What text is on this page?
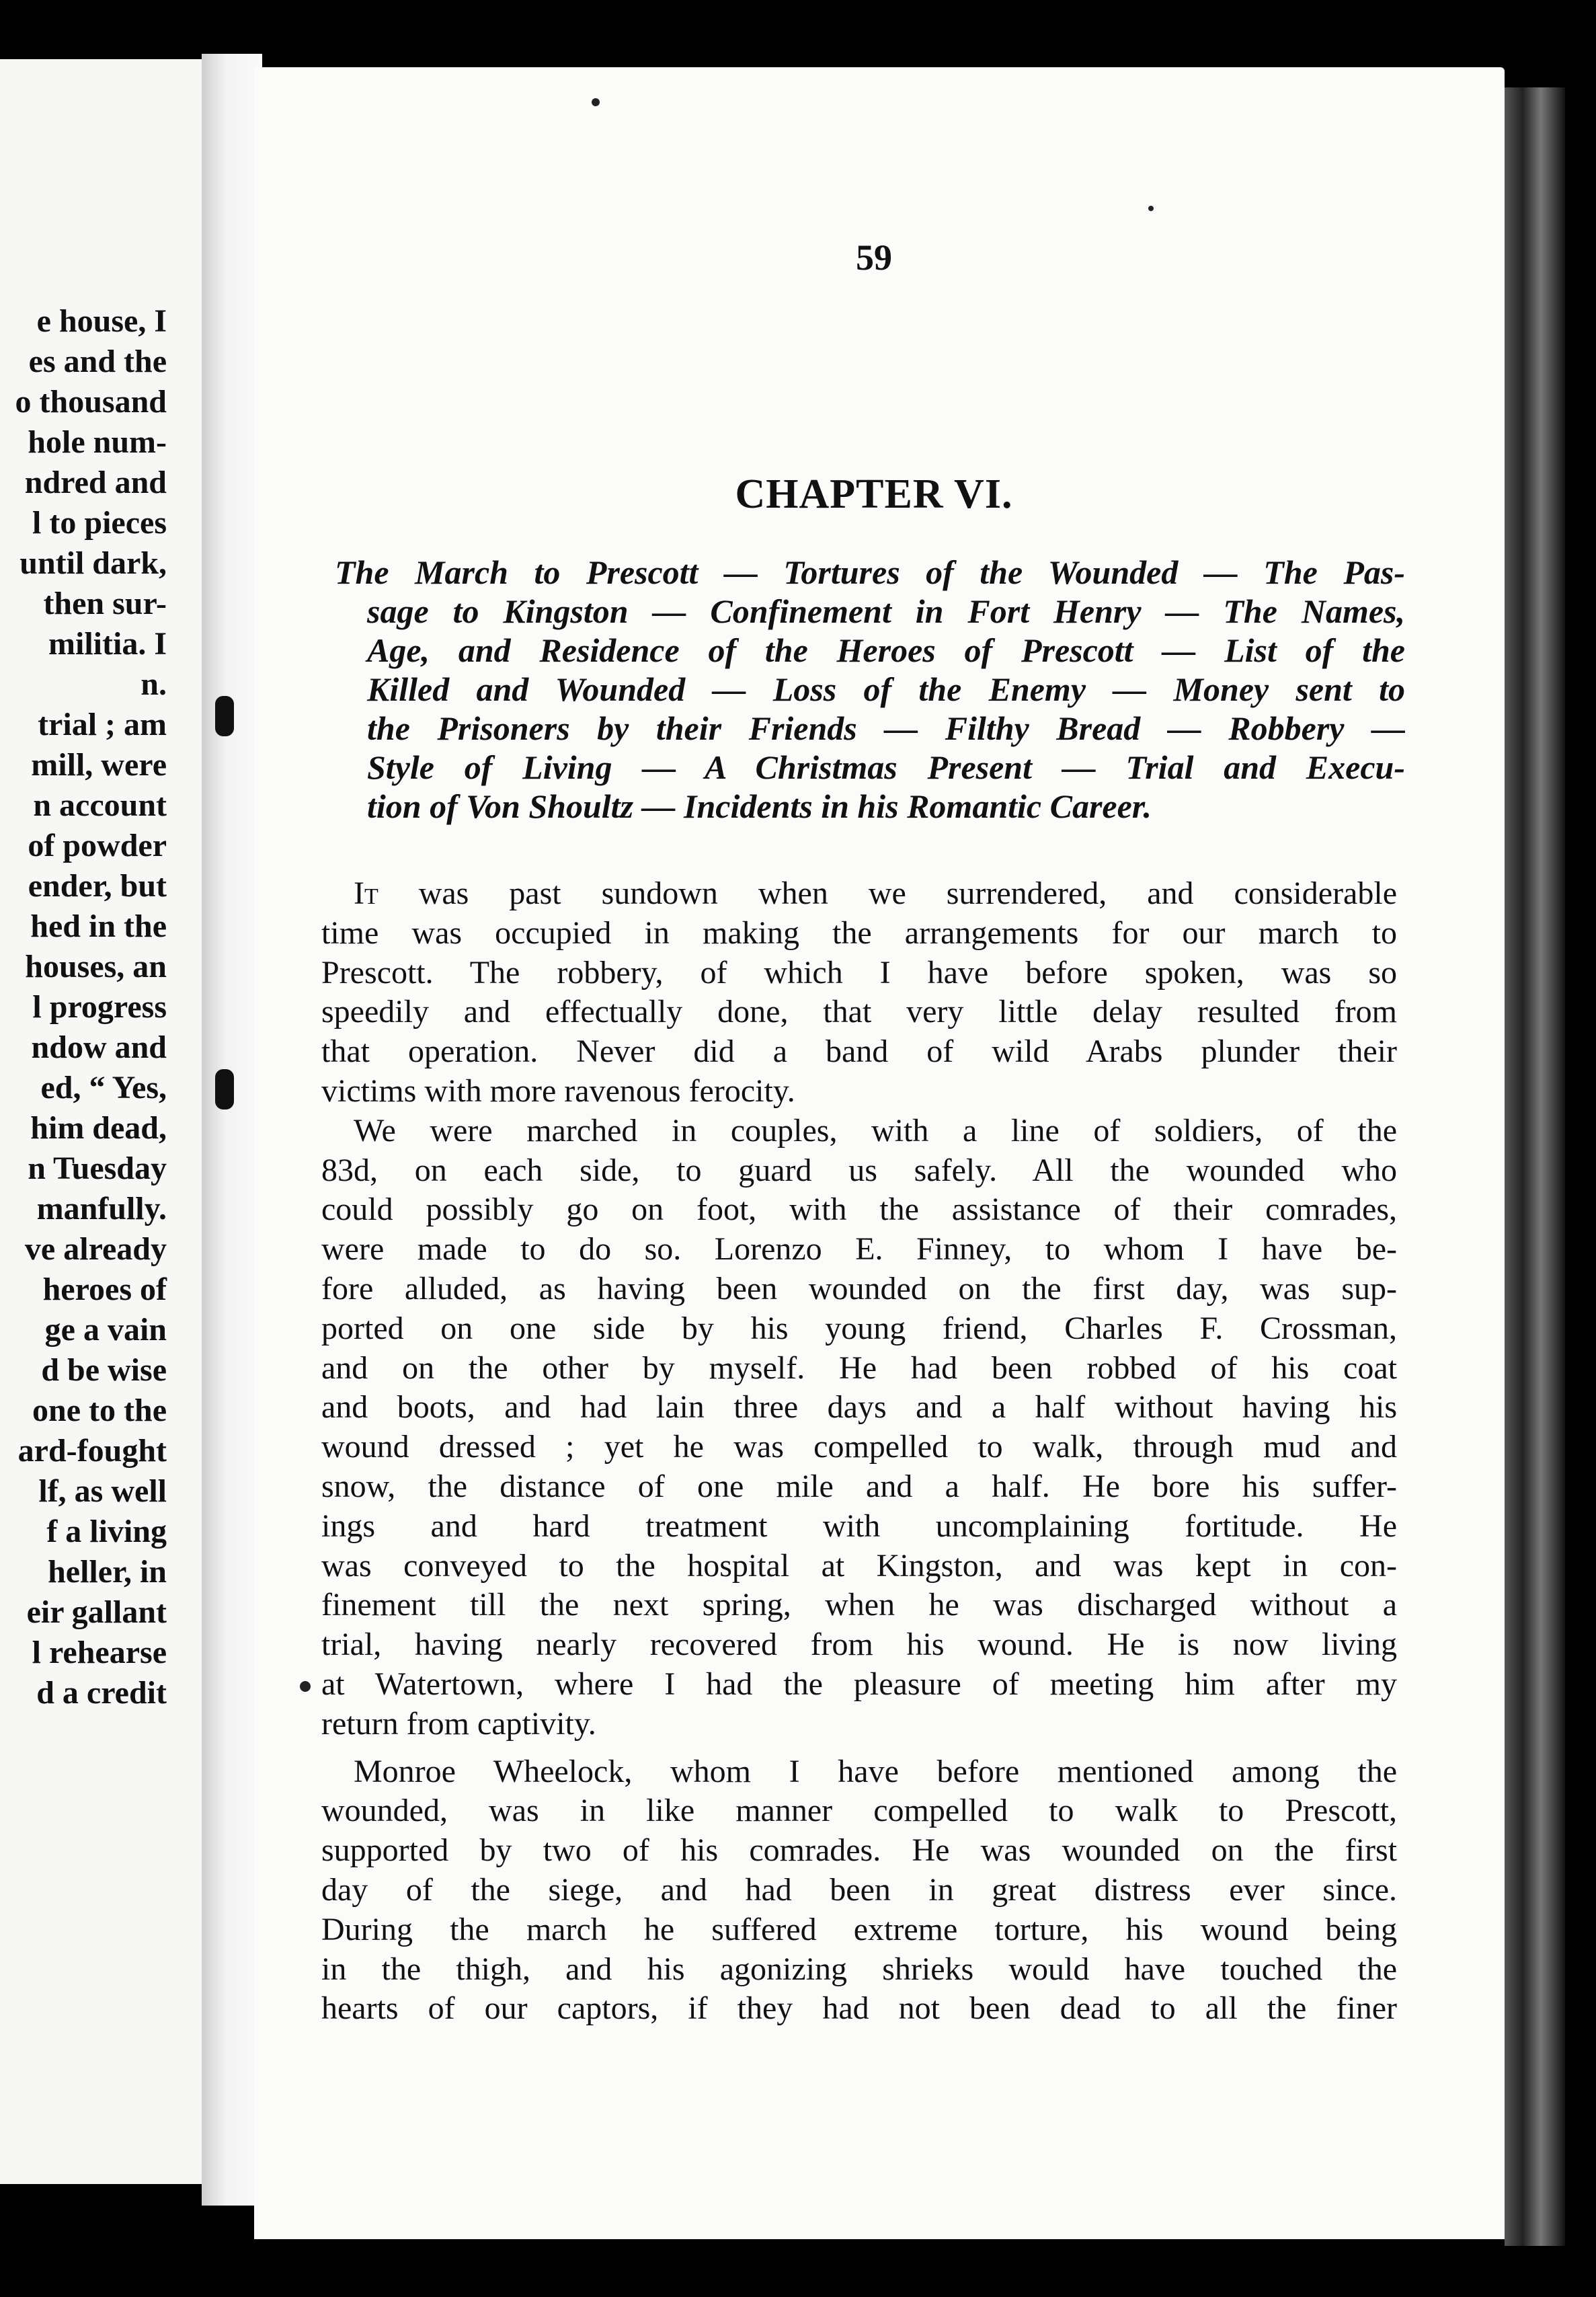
e house, I
es and the
o thousand
hole num-
ndred and
l to pieces
until dark,
then sur-
militia. I
n.
trial ; am
mill, were
n account
of powder
ender, but
hed in the
houses, an
l progress
ndow and
ed, “ Yes,
him dead,
n Tuesday
manfully.
ve already
heroes of
ge a vain
d be wise
one to the
ard-fought
lf, as well
f a living
heller, in
eir gallant
l rehearse
d a credit
59
CHAPTER VI.
The March to Prescott — Tortures of the Wounded — The Pas-
sage to Kingston — Confinement in Fort Henry — The Names,
Age, and Residence of the Heroes of Prescott — List of the
Killed and Wounded — Loss of the Enemy — Money sent to
the Prisoners by their Friends — Filthy Bread — Robbery —
Style of Living — A Christmas Present — Trial and Execu-
tion of Von Shoultz — Incidents in his Romantic Career.
It was past sundown when we surrendered, and considerable
time was occupied in making the arrangements for our march to
Prescott. The robbery, of which I have before spoken, was so
speedily and effectually done, that very little delay resulted from
that operation. Never did a band of wild Arabs plunder their
victims with more ravenous ferocity.
We were marched in couples, with a line of soldiers, of the
83d, on each side, to guard us safely. All the wounded who
could possibly go on foot, with the assistance of their comrades,
were made to do so. Lorenzo E. Finney, to whom I have be-
fore alluded, as having been wounded on the first day, was sup-
ported on one side by his young friend, Charles F. Crossman,
and on the other by myself. He had been robbed of his coat
and boots, and had lain three days and a half without having his
wound dressed ; yet he was compelled to walk, through mud and
snow, the distance of one mile and a half. He bore his suffer-
ings and hard treatment with uncomplaining fortitude. He
was conveyed to the hospital at Kingston, and was kept in con-
finement till the next spring, when he was discharged without a
trial, having nearly recovered from his wound. He is now living
at Watertown, where I had the pleasure of meeting him after my
return from captivity.
Monroe Wheelock, whom I have before mentioned among the
wounded, was in like manner compelled to walk to Prescott,
supported by two of his comrades. He was wounded on the first
day of the siege, and had been in great distress ever since.
During the march he suffered extreme torture, his wound being
in the thigh, and his agonizing shrieks would have touched the
hearts of our captors, if they had not been dead to all the finer
